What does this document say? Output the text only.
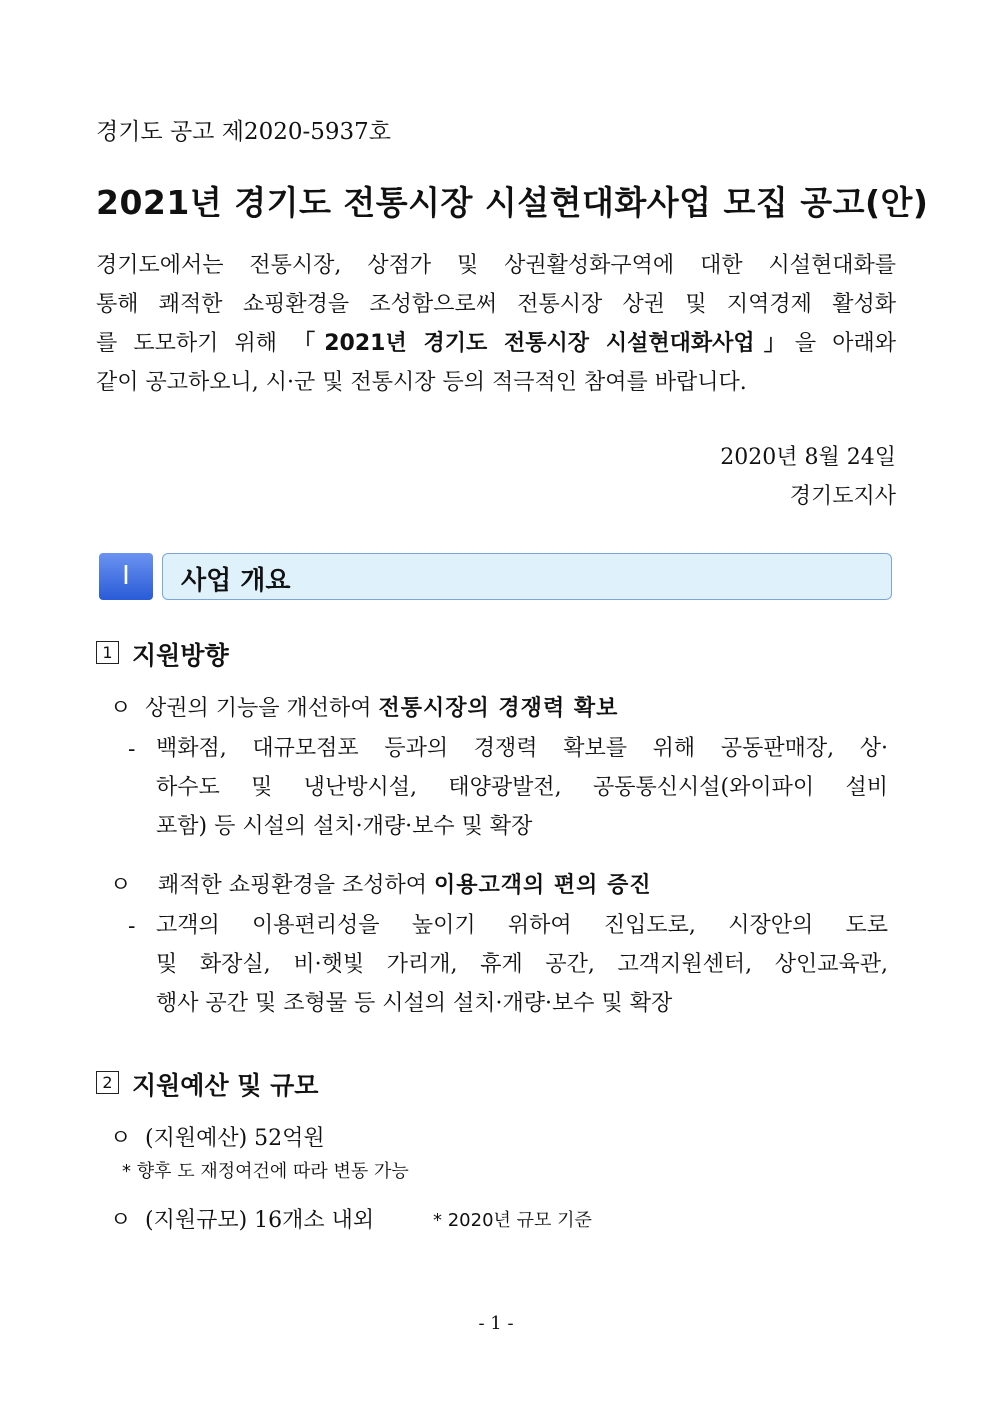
경기도 공고 제2020-5937호
2021년 경기도 전통시장 시설현대화사업 모집 공고(안)
경기도에서는 전통시장, 상점가 및 상권활성화구역에 대한 시설현대화를
통해 쾌적한 쇼핑환경을 조성함으로써 전통시장 상권 및 지역경제 활성화
를 도모하기 위해 「2021년 경기도 전통시장 시설현대화사업」을 아래와
같이 공고하오니, 시·군 및 전통시장 등의 적극적인 참여를 바랍니다.
2020년 8월 24일
경기도지사
Ⅰ	사업 개요
1 지원방향
ㅇ 상권의 기능을 개선하여 전통시장의 경쟁력 확보
- 백화점, 대규모점포 등과의 경쟁력 확보를 위해 공동판매장, 상·
하수도 및 냉난방시설, 태양광발전, 공동통신시설(와이파이 설비
포함) 등 시설의 설치·개량·보수 및 확장
ㅇ 쾌적한 쇼핑환경을 조성하여 이용고객의 편의 증진
- 고객의 이용편리성을 높이기 위하여 진입도로, 시장안의 도로
및 화장실, 비·햇빛 가리개, 휴게 공간, 고객지원센터, 상인교육관,
행사 공간 및 조형물 등 시설의 설치·개량·보수 및 확장
2 지원예산 및 규모
ㅇ (지원예산) 52억원
* 향후 도 재정여건에 따라 변동 가능
ㅇ (지원규모) 16개소 내외	* 2020년 규모 기준
- 1 -
